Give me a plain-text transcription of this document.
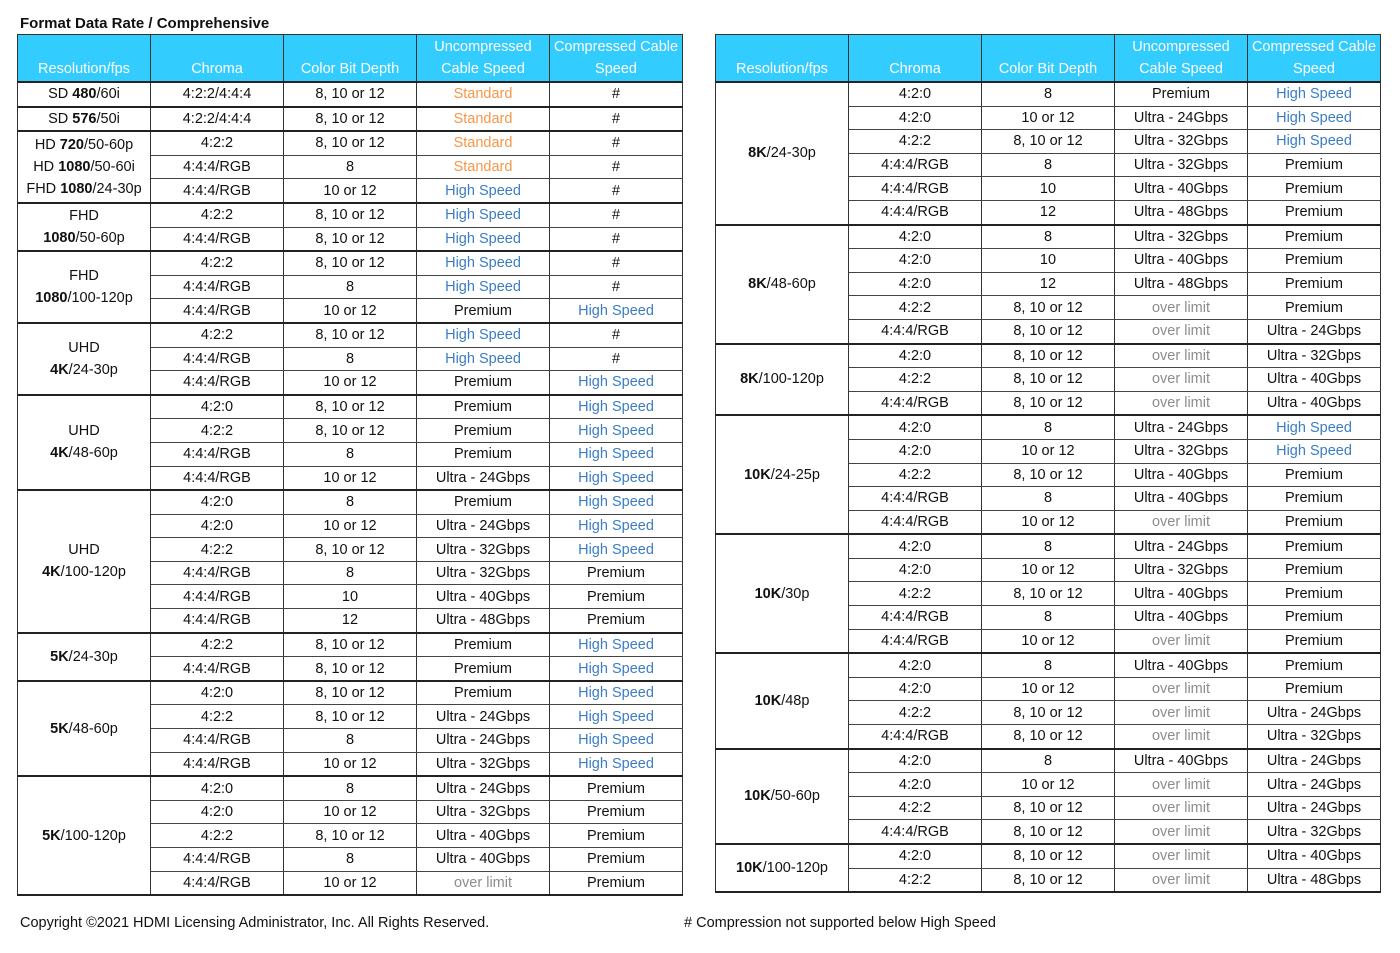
Format Data Rate / Comprehensive
Resolution/fps	Chroma	Color Bit Depth	Uncompressed Cable Speed	Compressed Cable Speed

SD 480/60i	4:2:2/4:4:4	8, 10 or 12	Standard	#

SD 576/50i	4:2:2/4:4:4	8, 10 or 12	Standard	#

HD 720/50-60p
HD 1080/50-60i
FHD 1080/24-30p	4:2:2	8, 10 or 12	Standard	#
	4:4:4/RGB	8	Standard	#
	4:4:4/RGB	10 or 12	High Speed	#

FHD
1080/50-60p	4:2:2	8, 10 or 12	High Speed	#
	4:4:4/RGB	8, 10 or 12	High Speed	#

FHD
1080/100-120p	4:2:2	8, 10 or 12	High Speed	#
	4:4:4/RGB	8	High Speed	#
	4:4:4/RGB	10 or 12	Premium	High Speed

UHD
4K/24-30p	4:2:2	8, 10 or 12	High Speed	#
	4:4:4/RGB	8	High Speed	#
	4:4:4/RGB	10 or 12	Premium	High Speed

UHD
4K/48-60p	4:2:0	8, 10 or 12	Premium	High Speed
	4:2:2	8, 10 or 12	Premium	High Speed
	4:4:4/RGB	8	Premium	High Speed
	4:4:4/RGB	10 or 12	Ultra - 24Gbps	High Speed

UHD
4K/100-120p	4:2:0	8	Premium	High Speed
	4:2:0	10 or 12	Ultra - 24Gbps	High Speed
	4:2:2	8, 10 or 12	Ultra - 32Gbps	High Speed
	4:4:4/RGB	8	Ultra - 32Gbps	Premium
	4:4:4/RGB	10	Ultra - 40Gbps	Premium
	4:4:4/RGB	12	Ultra - 48Gbps	Premium

5K/24-30p	4:2:2	8, 10 or 12	Premium	High Speed
	4:4:4/RGB	8, 10 or 12	Premium	High Speed

5K/48-60p	4:2:0	8, 10 or 12	Premium	High Speed
	4:2:2	8, 10 or 12	Ultra - 24Gbps	High Speed
	4:4:4/RGB	8	Ultra - 24Gbps	High Speed
	4:4:4/RGB	10 or 12	Ultra - 32Gbps	High Speed

5K/100-120p	4:2:0	8	Ultra - 24Gbps	Premium
	4:2:0	10 or 12	Ultra - 32Gbps	Premium
	4:2:2	8, 10 or 12	Ultra - 40Gbps	Premium
	4:4:4/RGB	8	Ultra - 40Gbps	Premium
	4:4:4/RGB	10 or 12	over limit	Premium
Resolution/fps	Chroma	Color Bit Depth	Uncompressed Cable Speed	Compressed Cable Speed

8K/24-30p	4:2:0	8	Premium	High Speed
	4:2:0	10 or 12	Ultra - 24Gbps	High Speed
	4:2:2	8, 10 or 12	Ultra - 32Gbps	High Speed
	4:4:4/RGB	8	Ultra - 32Gbps	Premium
	4:4:4/RGB	10	Ultra - 40Gbps	Premium
	4:4:4/RGB	12	Ultra - 48Gbps	Premium

8K/48-60p	4:2:0	8	Ultra - 32Gbps	Premium
	4:2:0	10	Ultra - 40Gbps	Premium
	4:2:0	12	Ultra - 48Gbps	Premium
	4:2:2	8, 10 or 12	over limit	Premium
	4:4:4/RGB	8, 10 or 12	over limit	Ultra - 24Gbps

8K/100-120p	4:2:0	8, 10 or 12	over limit	Ultra - 32Gbps
	4:2:2	8, 10 or 12	over limit	Ultra - 40Gbps
	4:4:4/RGB	8, 10 or 12	over limit	Ultra - 40Gbps

10K/24-25p	4:2:0	8	Ultra - 24Gbps	High Speed
	4:2:0	10 or 12	Ultra - 32Gbps	High Speed
	4:2:2	8, 10 or 12	Ultra - 40Gbps	Premium
	4:4:4/RGB	8	Ultra - 40Gbps	Premium
	4:4:4/RGB	10 or 12	over limit	Premium

10K/30p	4:2:0	8	Ultra - 24Gbps	Premium
	4:2:0	10 or 12	Ultra - 32Gbps	Premium
	4:2:2	8, 10 or 12	Ultra - 40Gbps	Premium
	4:4:4/RGB	8	Ultra - 40Gbps	Premium
	4:4:4/RGB	10 or 12	over limit	Premium

10K/48p	4:2:0	8	Ultra - 40Gbps	Premium
	4:2:0	10 or 12	over limit	Premium
	4:2:2	8, 10 or 12	over limit	Ultra - 24Gbps
	4:4:4/RGB	8, 10 or 12	over limit	Ultra - 32Gbps

10K/50-60p	4:2:0	8	Ultra - 40Gbps	Ultra - 24Gbps
	4:2:0	10 or 12	over limit	Ultra - 24Gbps
	4:2:2	8, 10 or 12	over limit	Ultra - 24Gbps
	4:4:4/RGB	8, 10 or 12	over limit	Ultra - 32Gbps

10K/100-120p	4:2:0	8, 10 or 12	over limit	Ultra - 40Gbps
	4:2:2	8, 10 or 12	over limit	Ultra - 48Gbps
Copyright ©2021 HDMI Licensing Administrator, Inc. All Rights Reserved.	# Compression not supported below High Speed
